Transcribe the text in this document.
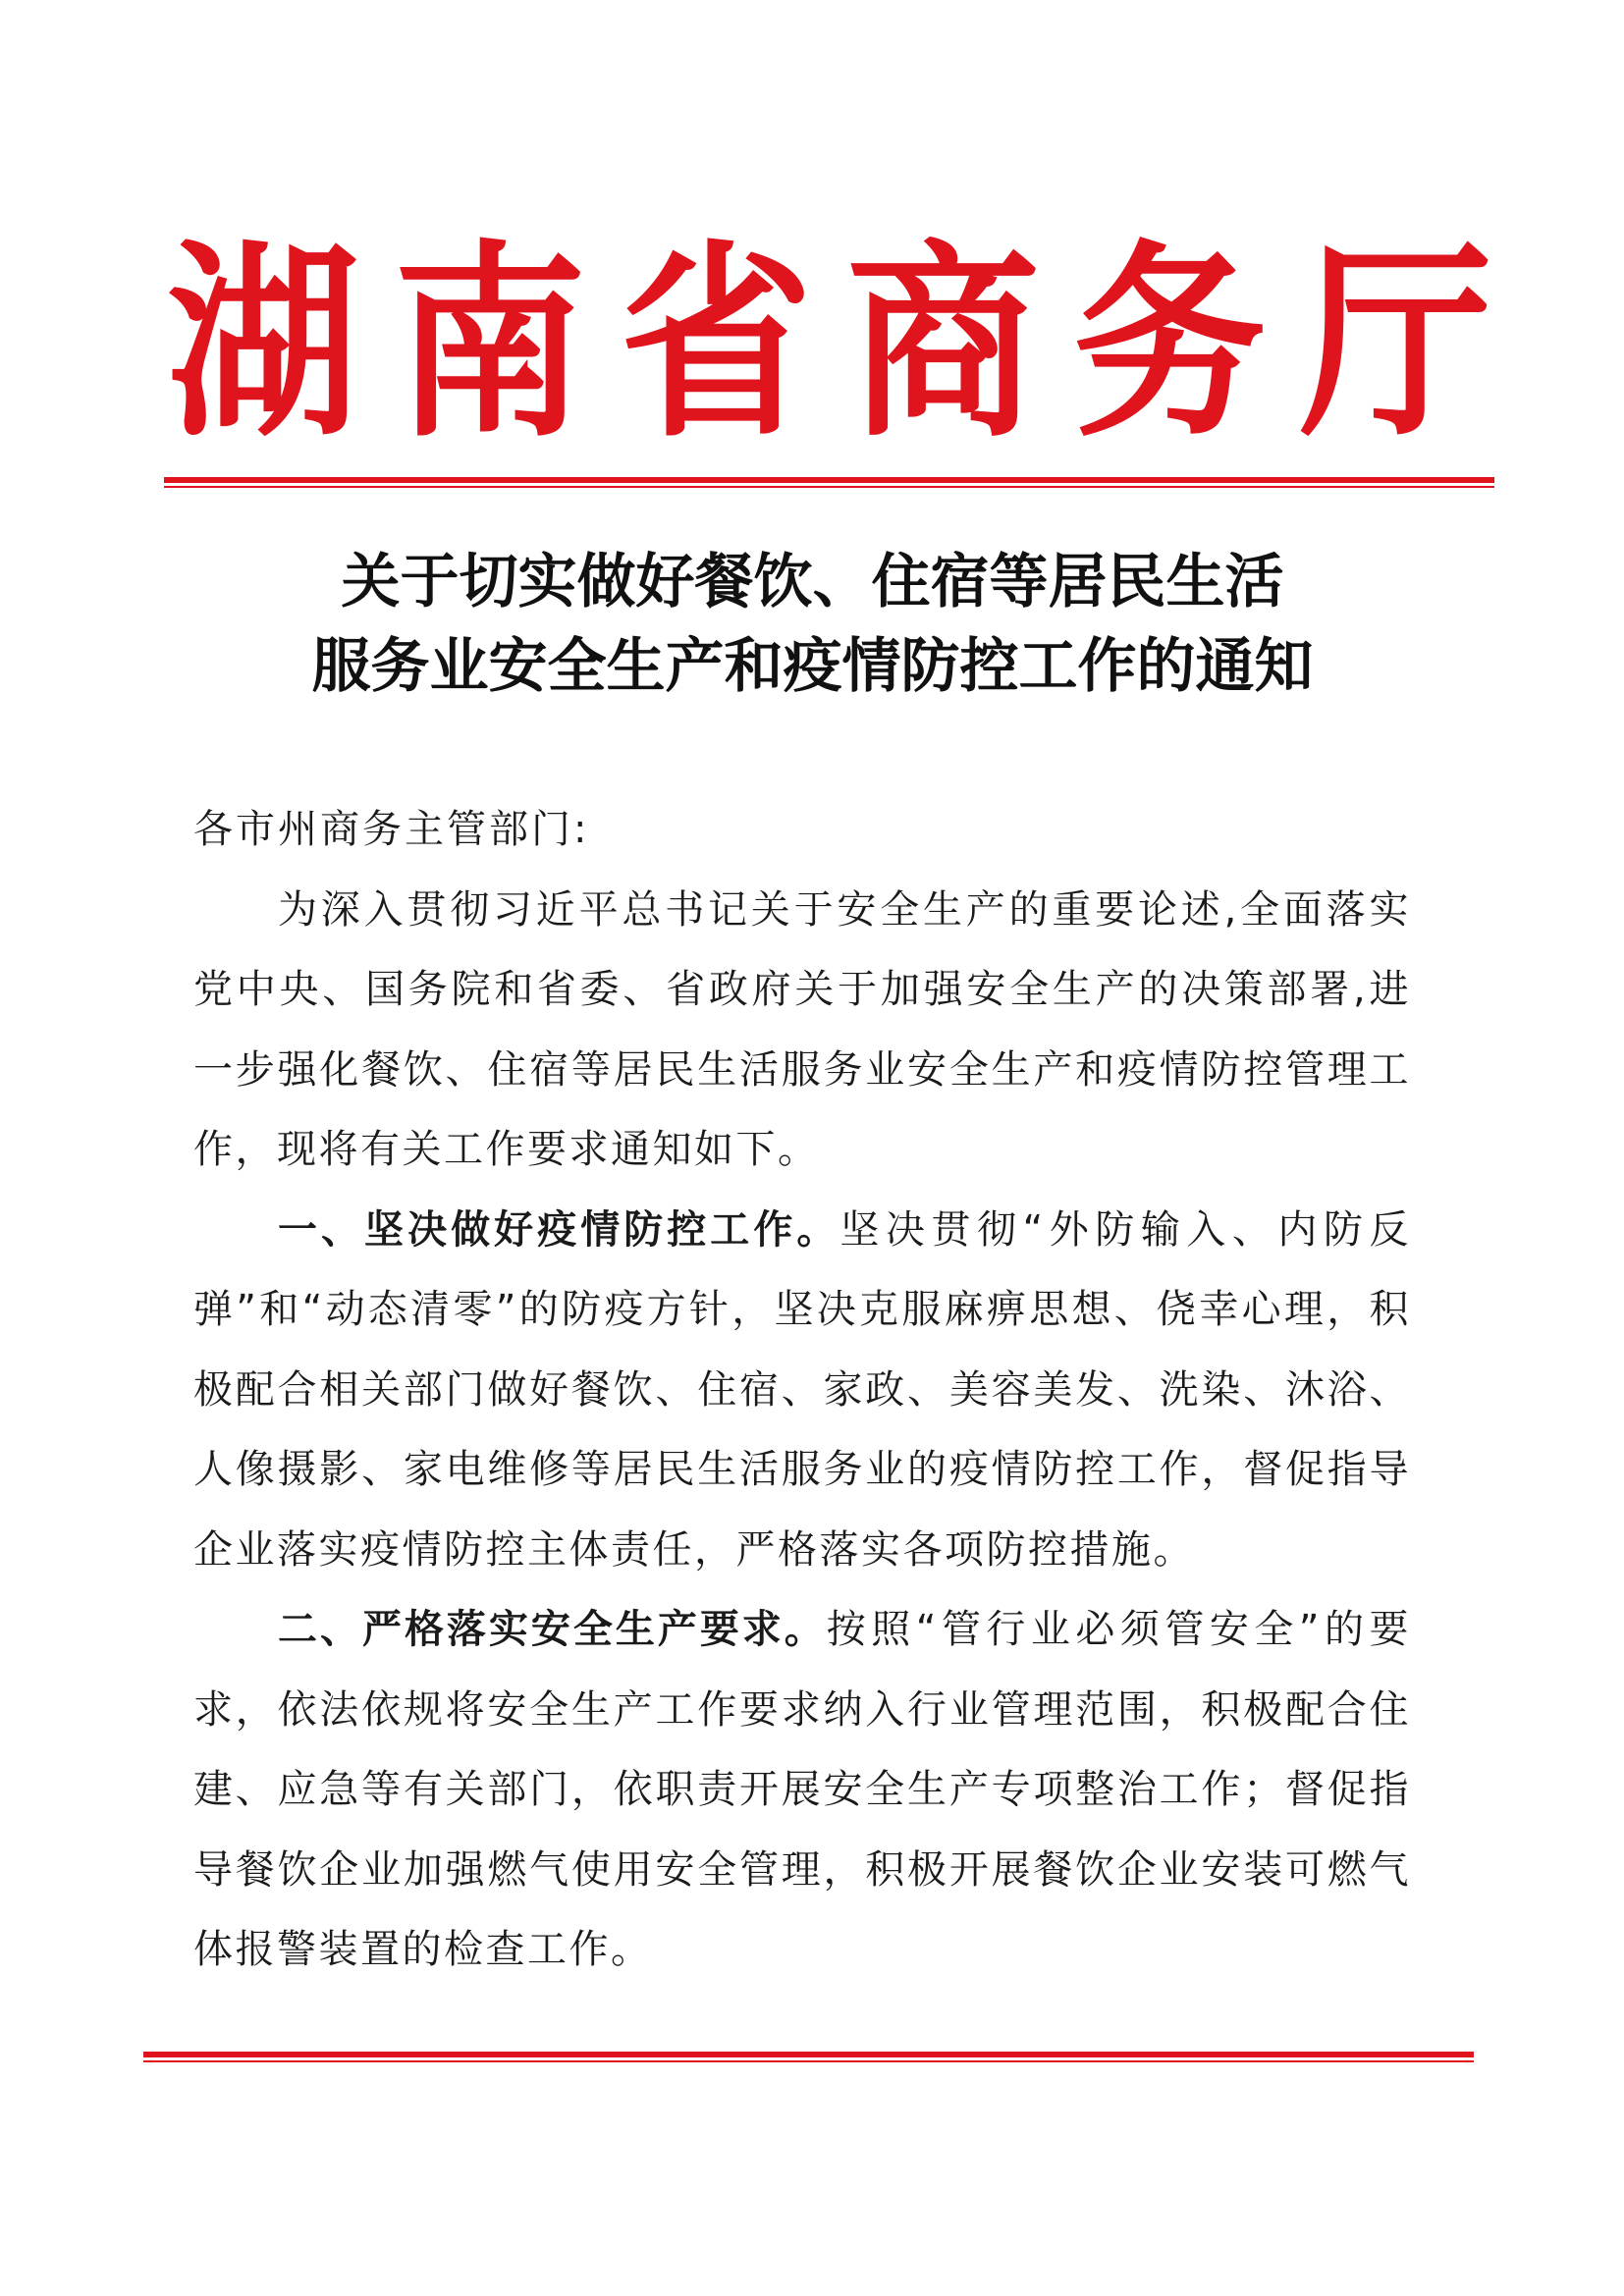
湖 南 省 商 务 厅
关于切实做好餐饮、住宿等居民生活
服务业安全生产和疫情防控工作的通知

各市州商务主管部门:

为深入贯彻习近平总书记关于安全生产的重要论述,全面落实党中央、国务院和省委、省政府关于加强安全生产的决策部署,进一步强化餐饮、住宿等居民生活服务业安全生产和疫情防控管理工作，现将有关工作要求通知如下。

一、坚决做好疫情防控工作。坚决贯彻“外防输入、内防反弹”和“动态清零”的防疫方针，坚决克服麻痹思想、侥幸心理，积极配合相关部门做好餐饮、住宿、家政、美容美发、洗染、沐浴、人像摄影、家电维修等居民生活服务业的疫情防控工作，督促指导企业落实疫情防控主体责任，严格落实各项防控措施。

二、严格落实安全生产要求。按照“管行业必须管安全”的要求，依法依规将安全生产工作要求纳入行业管理范围，积极配合住建、应急等有关部门，依职责开展安全生产专项整治工作；督促指导餐饮企业加强燃气使用安全管理，积极开展餐饮企业安装可燃气体报警装置的检查工作。
